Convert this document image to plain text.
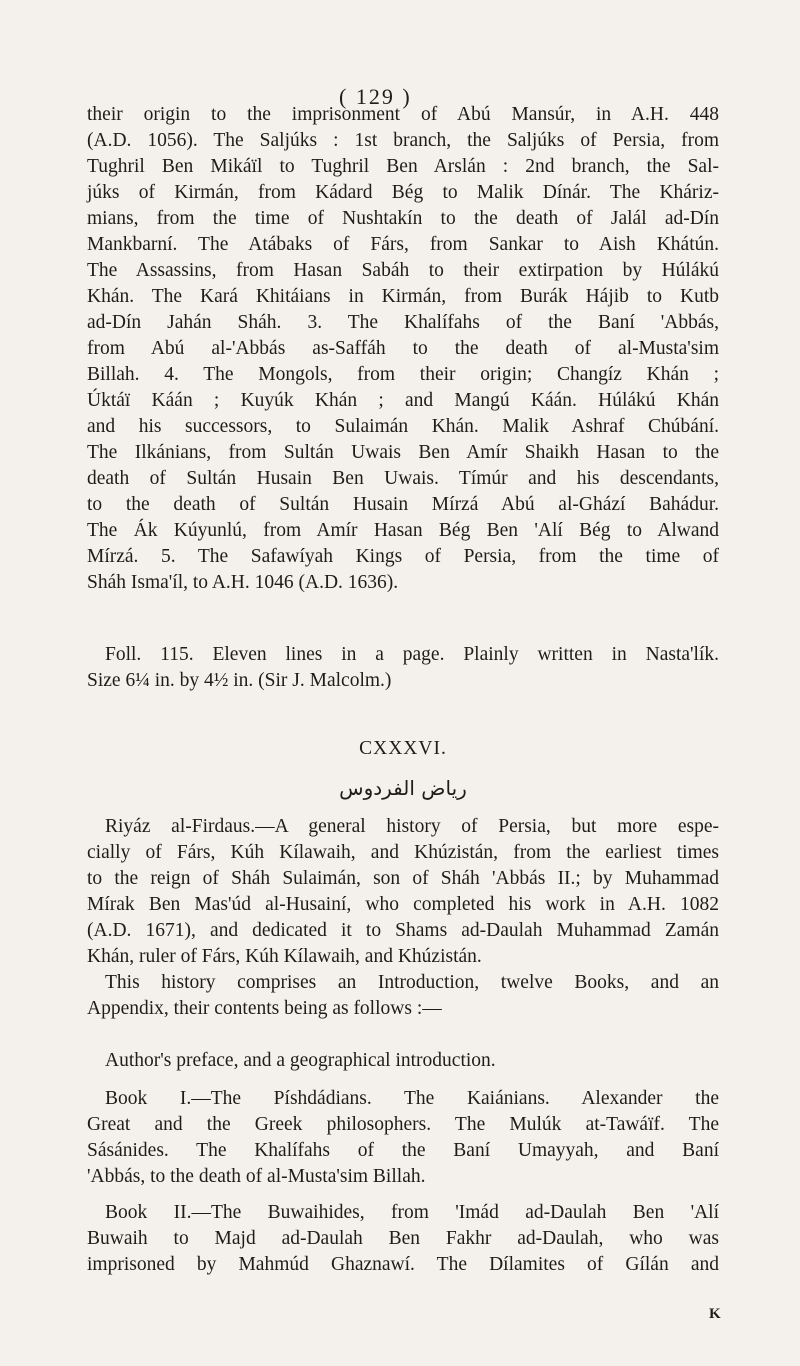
( 129 )
their origin to the imprisonment of Abú Mansúr, in A.H. 448
(A.D. 1056). The Saljúks : 1st branch, the Saljúks of Persia, from
Tughril Ben Mikáïl to Tughril Ben Arslán : 2nd branch, the Sal-
júks of Kirmán, from Kádard Bég to Malik Dínár. The Kháriz-
mians, from the time of Nushtakín to the death of Jalál ad-Dín
Mankbarní. The Atábaks of Fárs, from Sankar to Aish Khátún.
The Assassins, from Hasan Sabáh to their extirpation by Húlákú
Khán. The Kará Khitáians in Kirmán, from Burák Hájib to Kutb
ad-Dín Jahán Sháh. 3. The Khalífahs of the Baní 'Abbás,
from Abú al-'Abbás as-Saffáh to the death of al-Musta'sim
Billah. 4. The Mongols, from their origin; Changíz Khán ;
Úktáï Káán ; Kuyúk Khán ; and Mangú Káán. Húlákú Khán
and his successors, to Sulaimán Khán. Malik Ashraf Chúbání.
The Ilkánians, from Sultán Uwais Ben Amír Shaikh Hasan to the
death of Sultán Husain Ben Uwais. Tímúr and his descendants,
to the death of Sultán Husain Mírzá Abú al-Ghází Bahádur.
The Ák Kúyunlú, from Amír Hasan Bég Ben 'Alí Bég to Alwand
Mírzá. 5. The Safawíyah Kings of Persia, from the time of
Sháh Isma'íl, to A.H. 1046 (A.D. 1636).
Foll. 115. Eleven lines in a page. Plainly written in Nasta'lík.
Size 6¼ in. by 4½ in. (Sir J. Malcolm.)
CXXXVI.
رياض الفردوس
Riyáz al-Firdaus.—A general history of Persia, but more espe-
cially of Fárs, Kúh Kílawaih, and Khúzistán, from the earliest times
to the reign of Sháh Sulaimán, son of Sháh 'Abbás II.; by Muhammad
Mírak Ben Mas'úd al-Husainí, who completed his work in A.H. 1082
(A.D. 1671), and dedicated it to Shams ad-Daulah Muhammad Zamán
Khán, ruler of Fárs, Kúh Kílawaih, and Khúzistán.
This history comprises an Introduction, twelve Books, and an
Appendix, their contents being as follows :—
Author's preface, and a geographical introduction.
Book I.—The Píshdádians. The Kaiánians. Alexander the
Great and the Greek philosophers. The Mulúk at-Tawáïf. The
Sásánides. The Khalífahs of the Baní Umayyah, and Baní
'Abbás, to the death of al-Musta'sim Billah.
Book II.—The Buwaihides, from 'Imád ad-Daulah Ben 'Alí
Buwaih to Majd ad-Daulah Ben Fakhr ad-Daulah, who was
imprisoned by Mahmúd Ghaznawí. The Dílamites of Gílán and
K
